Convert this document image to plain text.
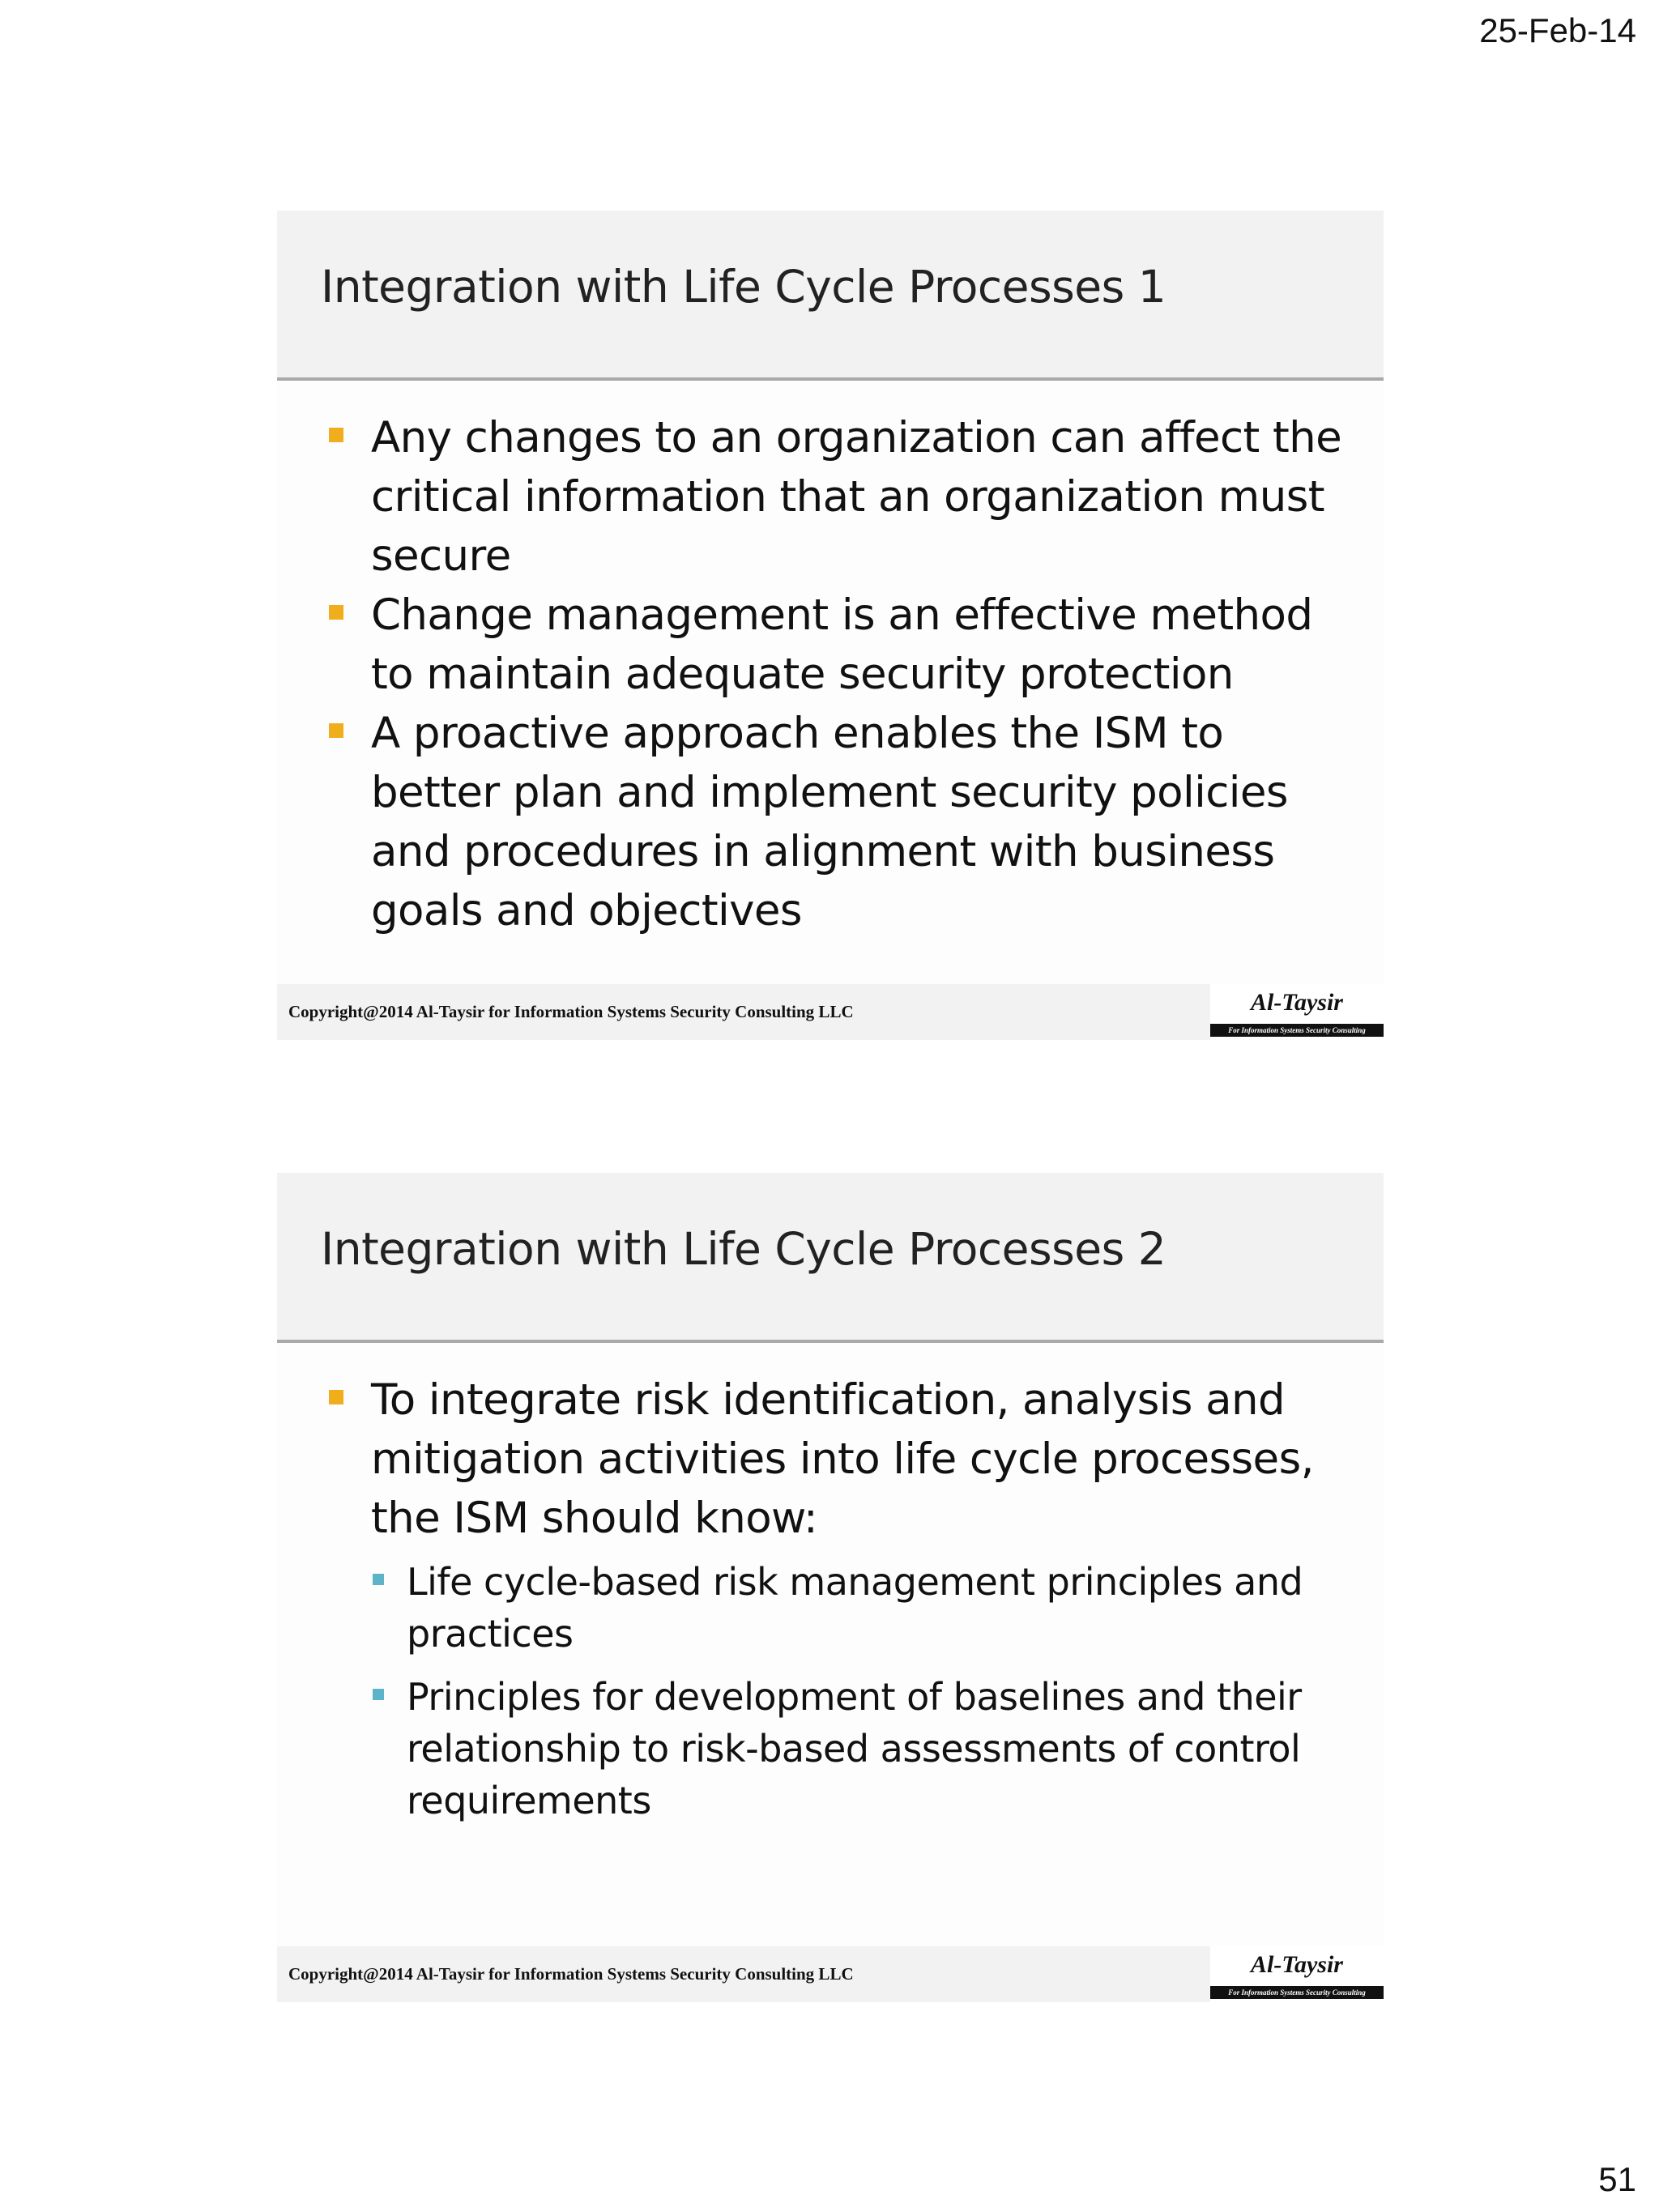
25-Feb-14
Integration with Life Cycle Processes 1
Any changes to an organization can affect the critical information that an organization must secure
Change management is an effective method to maintain adequate security protection
A proactive approach enables the ISM to better plan and implement security policies and procedures in alignment with business goals and objectives
Copyright@2014 Al-Taysir for Information Systems Security Consulting LLC	Al-Taysir
For Information Systems Security Consulting
Integration with Life Cycle Processes 2
To integrate risk identification, analysis and mitigation activities into life cycle processes, the ISM should know:
Life cycle-based risk management principles and practices
Principles for development of baselines and their relationship to risk-based assessments of control requirements
Copyright@2014 Al-Taysir for Information Systems Security Consulting LLC	Al-Taysir
For Information Systems Security Consulting
51
